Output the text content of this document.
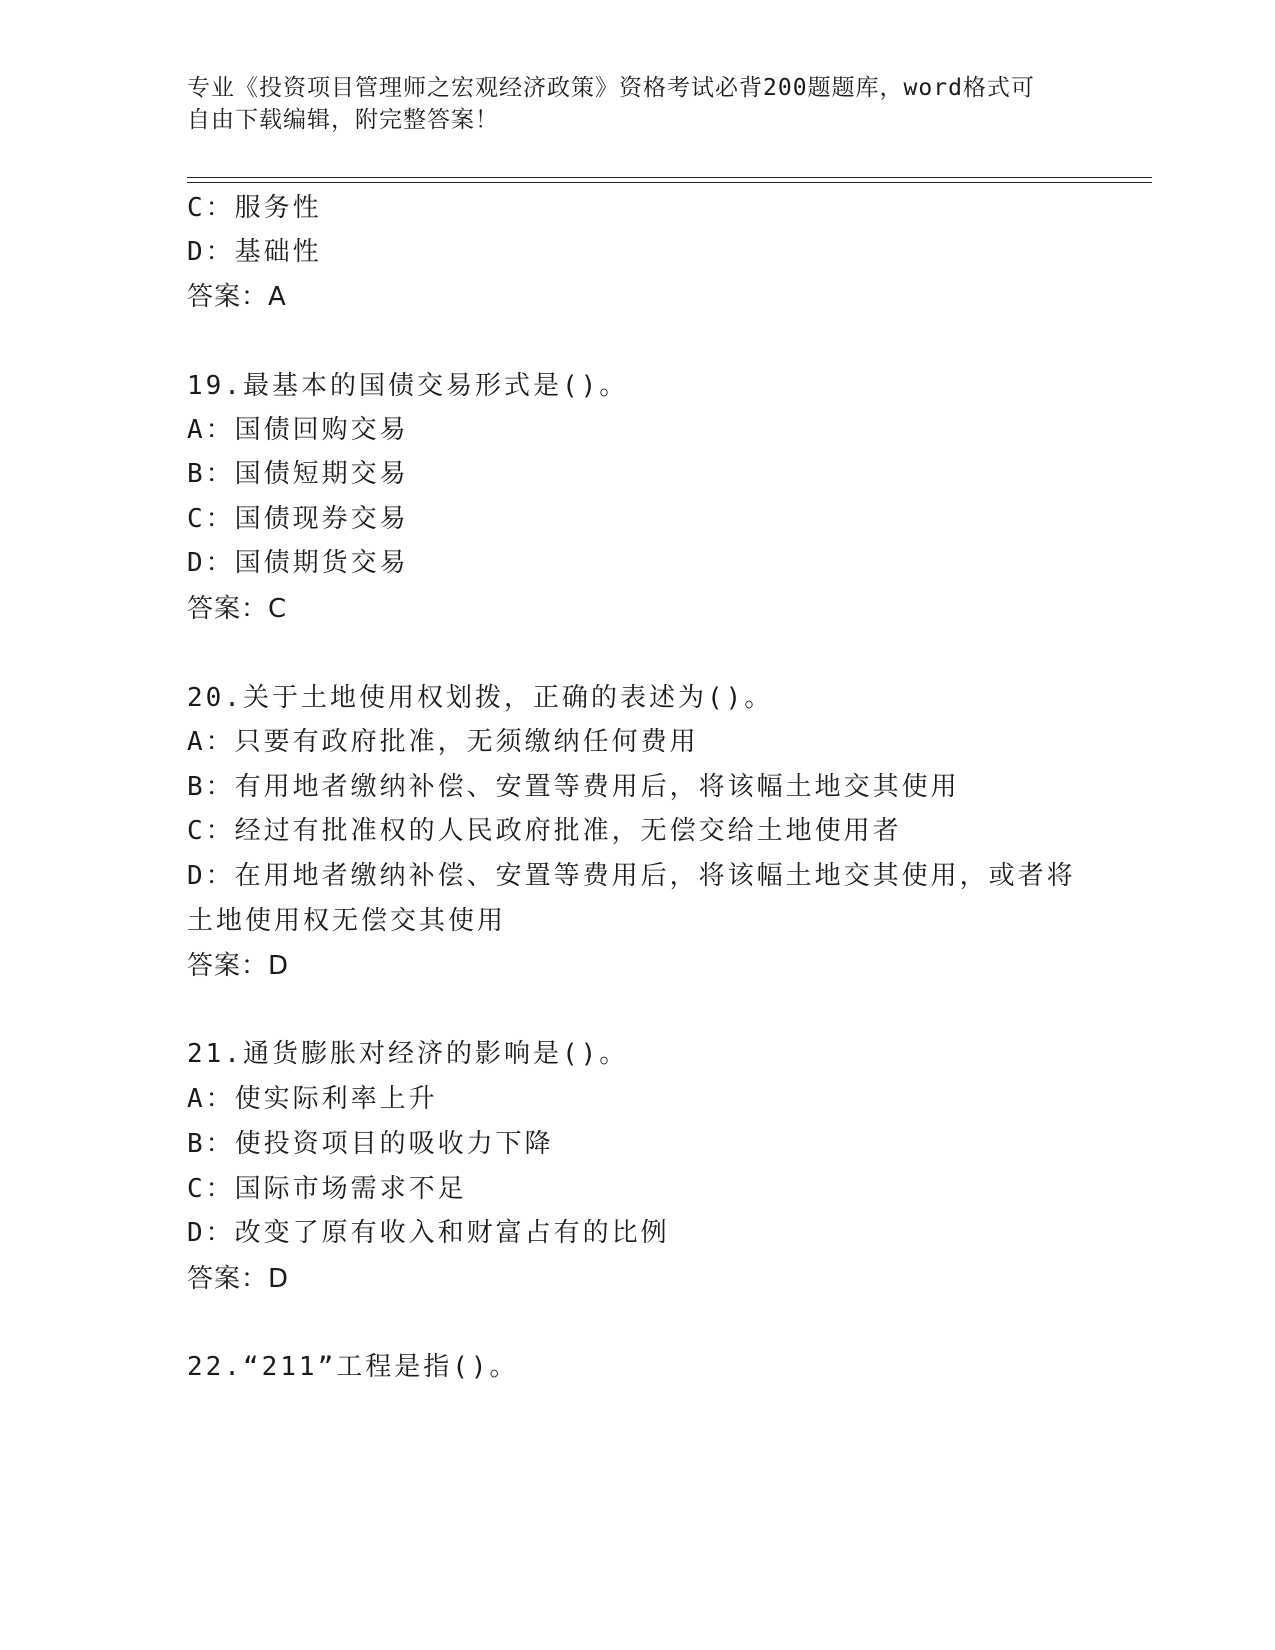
专业《投资项目管理师之宏观经济政策》资格考试必背200题题库，word格式可
自由下载编辑，附完整答案！
C：服务性
D：基础性
答案：A
19.最基本的国债交易形式是()。
A：国债回购交易
B：国债短期交易
C：国债现券交易
D：国债期货交易
答案：C
20.关于土地使用权划拨，正确的表述为()。
A：只要有政府批准，无须缴纳任何费用
B：有用地者缴纳补偿、安置等费用后，将该幅土地交其使用
C：经过有批准权的人民政府批准，无偿交给土地使用者
D：在用地者缴纳补偿、安置等费用后，将该幅土地交其使用，或者将
土地使用权无偿交其使用
答案：D
21.通货膨胀对经济的影响是()。
A：使实际利率上升
B：使投资项目的吸收力下降
C：国际市场需求不足
D：改变了原有收入和财富占有的比例
答案：D
22.“211”工程是指()。
